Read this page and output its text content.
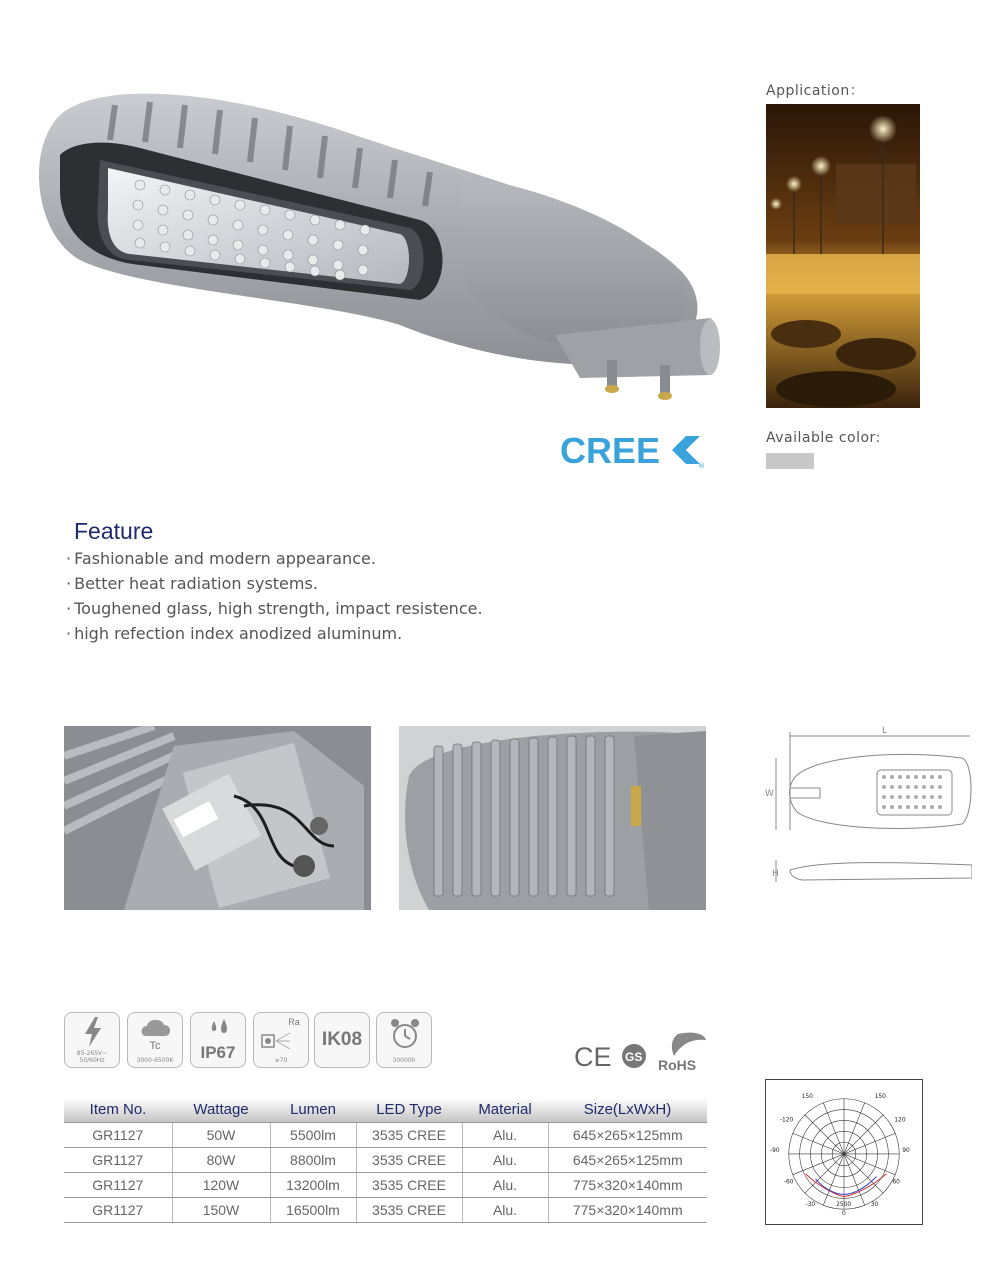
CREE	®
Application：
Available color:
Feature
· Fashionable and modern appearance.
· Better heat radiation systems.
· Toughened glass, high strength, impact resistence.
· high refection index anodized aluminum.
L
W
H
85-265V~ 50/60Hz
Tc
3000-6500K	IP67
Ra
≥70
IK08
30000h	CE GS RoHS
Item No.	Wattage	Lumen	LED Type	Material	Size(LxWxH)
GR1127	50W	5500lm	3535 CREE	Alu.	645×265×125mm
GR1127	80W	8800lm	3535 CREE	Alu.	645×265×125mm
GR1127	120W	13200lm	3535 CREE	Alu.	775×320×140mm
GR1127	150W	16500lm	3535 CREE	Alu.	775×320×140mm
150	150
-120	120
-90	90
-60	60
-30	30
0
2500
